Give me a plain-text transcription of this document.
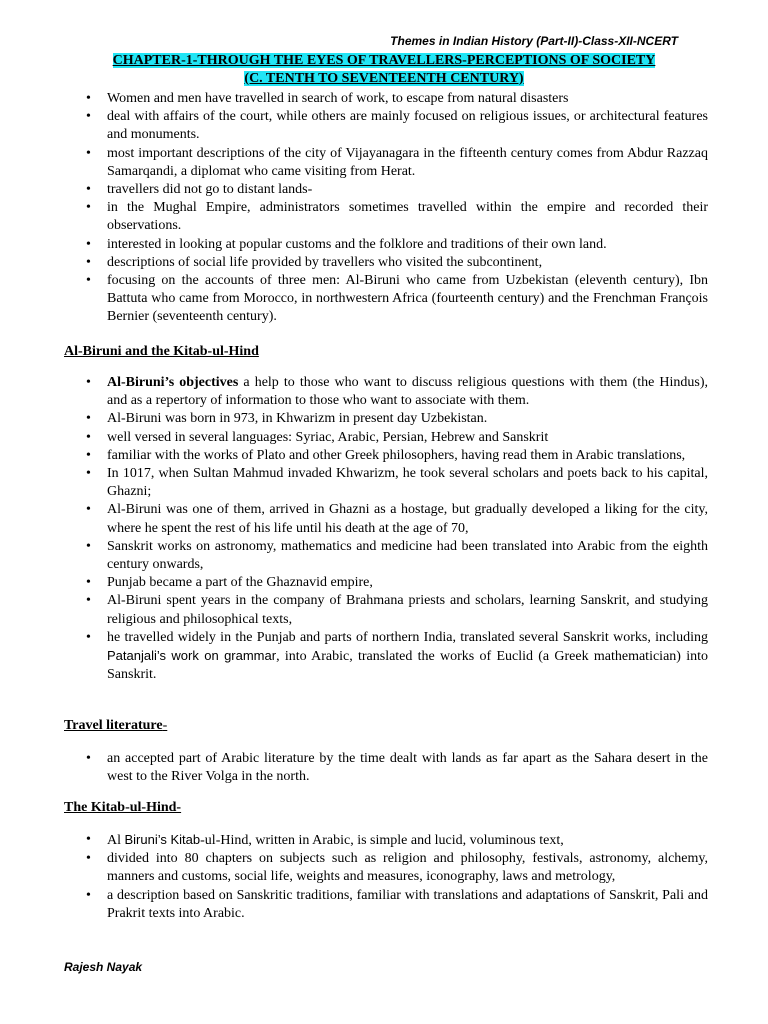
Themes in Indian History (Part-II)-Class-XII-NCERT
CHAPTER-1-THROUGH THE EYES OF TRAVELLERS-PERCEPTIONS OF SOCIETY
(C. TENTH TO SEVENTEENTH CENTURY)
• Women and men have travelled in search of work, to escape from natural disasters
• deal with affairs of the court, while others are mainly focused on religious issues, or architectural features and monuments.
• most important descriptions of the city of Vijayanagara in the fifteenth century comes from Abdur Razzaq Samarqandi, a diplomat who came visiting from Herat.
• travellers did not go to distant lands-
• in the Mughal Empire, administrators sometimes travelled within the empire and recorded their observations.
• interested in looking at popular customs and the folklore and traditions of their own land.
• descriptions of social life provided by travellers who visited the subcontinent,
• focusing on the accounts of three men: Al-Biruni who came from Uzbekistan (eleventh century), Ibn Battuta who came from Morocco, in northwestern Africa (fourteenth century) and the Frenchman François Bernier (seventeenth century).
Al-Biruni and the Kitab-ul-Hind
• Al-Biruni’s objectives a help to those who want to discuss religious questions with them (the Hindus), and as a repertory of information to those who want to associate with them.
• Al-Biruni was born in 973, in Khwarizm in present day Uzbekistan.
• well versed in several languages: Syriac, Arabic, Persian, Hebrew and Sanskrit
• familiar with the works of Plato and other Greek philosophers, having read them in Arabic translations,
• In 1017, when Sultan Mahmud invaded Khwarizm, he took several scholars and poets back to his capital, Ghazni;
• Al-Biruni was one of them, arrived in Ghazni as a hostage, but gradually developed a liking for the city, where he spent the rest of his life until his death at the age of 70,
• Sanskrit works on astronomy, mathematics and medicine had been translated into Arabic from the eighth century onwards,
• Punjab became a part of the Ghaznavid empire,
• Al-Biruni spent years in the company of Brahmana priests and scholars, learning Sanskrit, and studying religious and philosophical texts,
• he travelled widely in the Punjab and parts of northern India, translated several Sanskrit works, including Patanjali’s work on grammar, into Arabic, translated the works of Euclid (a Greek mathematician) into Sanskrit.
Travel literature-
• an accepted part of Arabic literature by the time dealt with lands as far apart as the Sahara desert in the west to the River Volga in the north.
The Kitab-ul-Hind-
• Al Biruni’s Kitab-ul-Hind, written in Arabic, is simple and lucid, voluminous text,
• divided into 80 chapters on subjects such as religion and philosophy, festivals, astronomy, alchemy, manners and customs, social life, weights and measures, iconography, laws and metrology,
• a description based on Sanskritic traditions, familiar with translations and adaptations of Sanskrit, Pali and Prakrit texts into Arabic.
Rajesh Nayak
